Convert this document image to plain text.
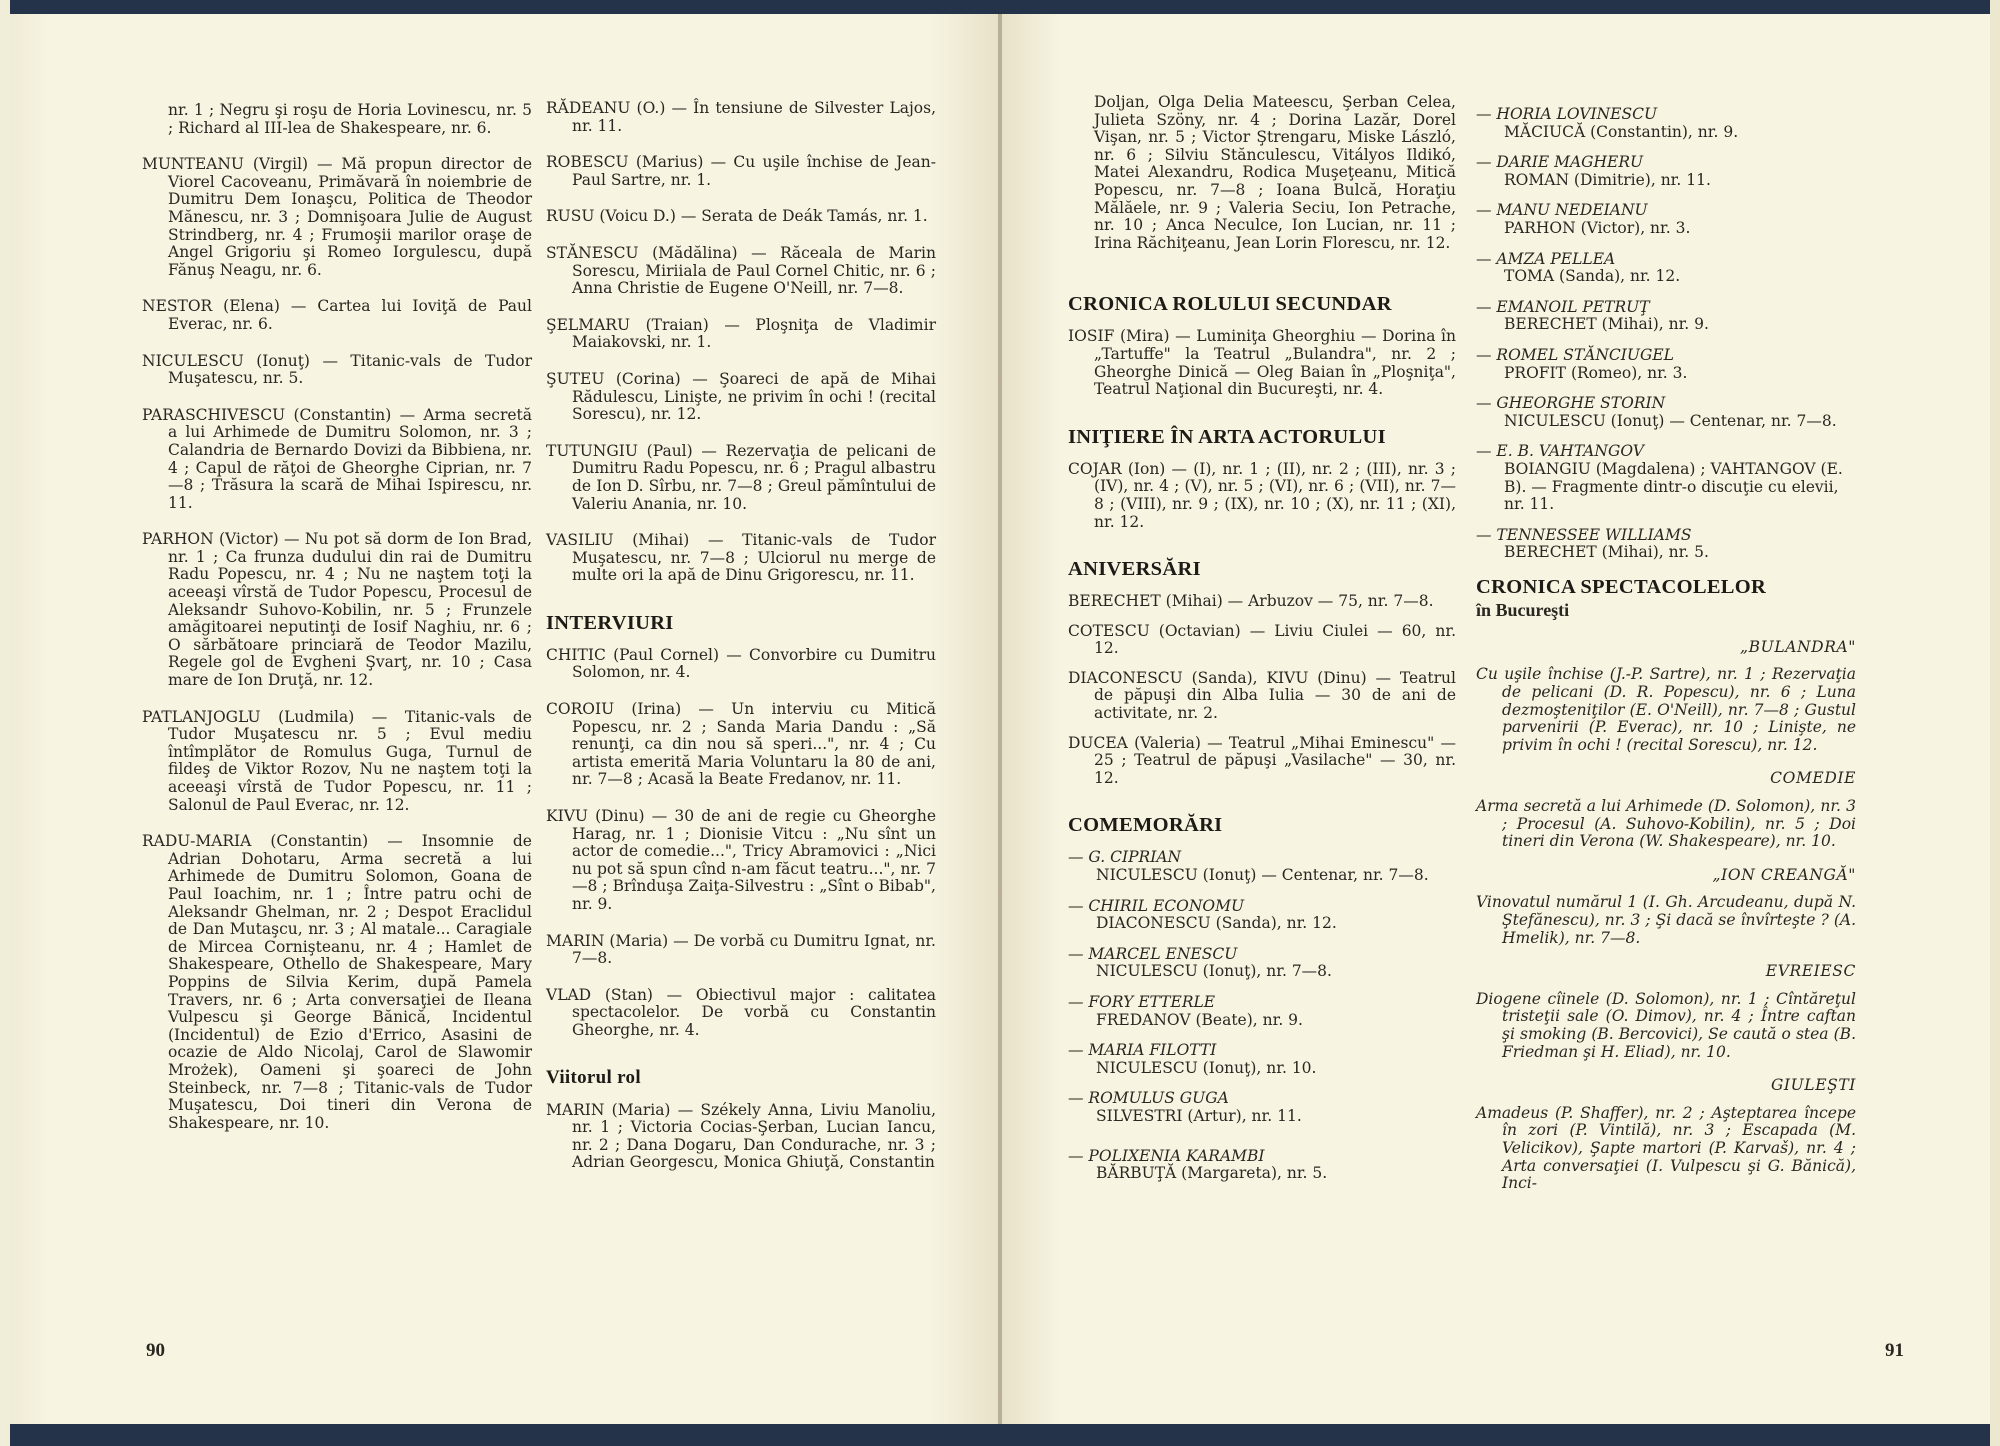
nr. 1 ; Negru şi roşu de Horia Lovinescu, nr. 5 ; Richard al III-lea de Shakespeare, nr. 6.

MUNTEANU (Virgil) — Mă propun director de Viorel Cacoveanu, Primăvară în noiembrie de Dumitru Dem Ionaşcu, Politica de Theodor Mănescu, nr. 3 ; Domnişoara Julie de August Strindberg, nr. 4 ; Frumoşii marilor oraşe de Angel Grigoriu şi Romeo Iorgulescu, după Fănuş Neagu, nr. 6.

NESTOR (Elena) — Cartea lui Ioviţă de Paul Everac, nr. 6.

NICULESCU (Ionuţ) — Titanic-vals de Tudor Muşatescu, nr. 5.

PARASCHIVESCU (Constantin) — Arma secretă a lui Arhimede de Dumitru Solomon, nr. 3 ; Calandria de Bernardo Dovizi da Bibbiena, nr. 4 ; Capul de răţoi de Gheorghe Ciprian, nr. 7—8 ; Trăsura la scară de Mihai Ispirescu, nr. 11.

PARHON (Victor) — Nu pot să dorm de Ion Brad, nr. 1 ; Ca frunza dudului din rai de Dumitru Radu Popescu, nr. 4 ; Nu ne naştem toţi la aceeaşi vîrstă de Tudor Popescu, Procesul de Aleksandr Suhovo-Kobilin, nr. 5 ; Frunzele amăgitoarei neputinţi de Iosif Naghiu, nr. 6 ; O sărbătoare princiară de Teodor Mazilu, Regele gol de Evgheni Şvarţ, nr. 10 ; Casa mare de Ion Druţă, nr. 12.

PATLANJOGLU (Ludmila) — Titanic-vals de Tudor Muşatescu nr. 5 ; Evul mediu întîmplător de Romulus Guga, Turnul de fildeş de Viktor Rozov, Nu ne naştem toţi la aceeaşi vîrstă de Tudor Popescu, nr. 11 ; Salonul de Paul Everac, nr. 12.

RADU-MARIA (Constantin) — Insomnie de Adrian Dohotaru, Arma secretă a lui Arhimede de Dumitru Solomon, Goana de Paul Ioachim, nr. 1 ; Între patru ochi de Aleksandr Ghelman, nr. 2 ; Despot Eraclidul de Dan Mutaşcu, nr. 3 ; Al matale... Caragiale de Mircea Cornişteanu, nr. 4 ; Hamlet de Shakespeare, Othello de Shakespeare, Mary Poppins de Silvia Kerim, după Pamela Travers, nr. 6 ; Arta conversaţiei de Ileana Vulpescu şi George Bănică, Incidentul (Incidentul) de Ezio d'Errico, Asasini de ocazie de Aldo Nicolaj, Carol de Slawomir Mrożek), Oameni şi şoareci de John Steinbeck, nr. 7—8 ; Titanic-vals de Tudor Muşatescu, Doi tineri din Verona de Shakespeare, nr. 10.

RĂDEANU (O.) — În tensiune de Silvester Lajos, nr. 11.

ROBESCU (Marius) — Cu uşile închise de Jean-Paul Sartre, nr. 1.

RUSU (Voicu D.) — Serata de Deák Tamás, nr. 1.

STĂNESCU (Mădălina) — Răceala de Marin Sorescu, Miriiala de Paul Cornel Chitic, nr. 6 ; Anna Christie de Eugene O'Neill, nr. 7—8.

ŞELMARU (Traian) — Ploşniţa de Vladimir Maiakovski, nr. 1.

ŞUTEU (Corina) — Şoareci de apă de Mihai Rădulescu, Linişte, ne privim în ochi ! (recital Sorescu), nr. 12.

TUTUNGIU (Paul) — Rezervaţia de pelicani de Dumitru Radu Popescu, nr. 6 ; Pragul albastru de Ion D. Sîrbu, nr. 7—8 ; Greul pămîntului de Valeriu Anania, nr. 10.

VASILIU (Mihai) — Titanic-vals de Tudor Muşatescu, nr. 7—8 ; Ulciorul nu merge de multe ori la apă de Dinu Grigorescu, nr. 11.

INTERVIURI

CHITIC (Paul Cornel) — Convorbire cu Dumitru Solomon, nr. 4.

COROIU (Irina) — Un interviu cu Mitică Popescu, nr. 2 ; Sanda Maria Dandu : „Să renunţi, ca din nou să speri...", nr. 4 ; Cu artista emerită Maria Voluntaru la 80 de ani, nr. 7—8 ; Acasă la Beate Fredanov, nr. 11.

KIVU (Dinu) — 30 de ani de regie cu Gheorghe Harag, nr. 1 ; Dionisie Vitcu : „Nu sînt un actor de comedie...", Tricy Abramovici : „Nici nu pot să spun cînd n-am făcut teatru...", nr. 7—8 ; Brînduşa Zaiţa-Silvestru : „Sînt o Bibab", nr. 9.

MARIN (Maria) — De vorbă cu Dumitru Ignat, nr. 7—8.

VLAD (Stan) — Obiectivul major : calitatea spectacolelor. De vorbă cu Constantin Gheorghe, nr. 4.

Viitorul rol

MARIN (Maria) — Székely Anna, Liviu Manoliu, nr. 1 ; Victoria Cocias-Şerban, Lucian Iancu, nr. 2 ; Dana Dogaru, Dan Condurache, nr. 3 ; Adrian Georgescu, Monica Ghiuţă, Constantin

90

Doljan, Olga Delia Mateescu, Şerban Celea, Julieta Szöny, nr. 4 ; Dorina Lazăr, Dorel Vişan, nr. 5 ; Victor Ştrengaru, Miske László, nr. 6 ; Silviu Stănculescu, Vitályos Ildikó, Matei Alexandru, Rodica Muşeţeanu, Mitică Popescu, nr. 7—8 ; Ioana Bulcă, Horaţiu Mălăele, nr. 9 ; Valeria Seciu, Ion Petrache, nr. 10 ; Anca Neculce, Ion Lucian, nr. 11 ; Irina Răchiţeanu, Jean Lorin Florescu, nr. 12.

CRONICA ROLULUI SECUNDAR

IOSIF (Mira) — Luminiţa Gheorghiu — Dorina în „Tartuffe" la Teatrul „Bulandra", nr. 2 ; Gheorghe Dinică — Oleg Baian în „Ploşniţa", Teatrul Naţional din Bucureşti, nr. 4.

INIŢIERE ÎN ARTA ACTORULUI

COJAR (Ion) — (I), nr. 1 ; (II), nr. 2 ; (III), nr. 3 ; (IV), nr. 4 ; (V), nr. 5 ; (VI), nr. 6 ; (VII), nr. 7—8 ; (VIII), nr. 9 ; (IX), nr. 10 ; (X), nr. 11 ; (XI), nr. 12.

ANIVERSĂRI

BERECHET (Mihai) — Arbuzov — 75, nr. 7—8.

COTESCU (Octavian) — Liviu Ciulei — 60, nr. 12.

DIACONESCU (Sanda), KIVU (Dinu) — Teatrul de păpuşi din Alba Iulia — 30 de ani de activitate, nr. 2.

DUCEA (Valeria) — Teatrul „Mihai Eminescu" — 25 ; Teatrul de păpuşi „Vasilache" — 30, nr. 12.

COMEMORĂRI
— G. CIPRIAN
NICULESCU (Ionuţ) — Centenar, nr. 7—8.
— CHIRIL ECONOMU
DIACONESCU (Sanda), nr. 12.
— MARCEL ENESCU
NICULESCU (Ionuţ), nr. 7—8.
— FORY ETTERLE
FREDANOV (Beate), nr. 9.
— MARIA FILOTTI
NICULESCU (Ionuţ), nr. 10.
— ROMULUS GUGA
SILVESTRI (Artur), nr. 11.
— POLIXENIA KARAMBI
BĂRBUŢĂ (Margareta), nr. 5.
— HORIA LOVINESCU
MĂCIUCĂ (Constantin), nr. 9.
— DARIE MAGHERU
ROMAN (Dimitrie), nr. 11.
— MANU NEDEIANU
PARHON (Victor), nr. 3.
— AMZA PELLEA
TOMA (Sanda), nr. 12.
— EMANOIL PETRUŢ
BERECHET (Mihai), nr. 9.
— ROMEL STĂNCIUGEL
PROFIT (Romeo), nr. 3.
— GHEORGHE STORIN
NICULESCU (Ionuţ) — Centenar, nr. 7—8.
— E. B. VAHTANGOV
BOIANGIU (Magdalena) ; VAHTANGOV (E. B). — Fragmente dintr-o discuţie cu elevii, nr. 11.
— TENNESSEE WILLIAMS
BERECHET (Mihai), nr. 5.
CRONICA SPECTACOLELOR
în Bucureşti
„BULANDRA"

Cu uşile închise (J.-P. Sartre), nr. 1 ; Rezervaţia de pelicani (D. R. Popescu), nr. 6 ; Luna dezmoşteniţilor (E. O'Neill), nr. 7—8 ; Gustul parvenirii (P. Everac), nr. 10 ; Linişte, ne privim în ochi ! (recital Sorescu), nr. 12.

COMEDIE

Arma secretă a lui Arhimede (D. Solomon), nr. 3 ; Procesul (A. Suhovo-Kobilin), nr. 5 ; Doi tineri din Verona (W. Shakespeare), nr. 10.

„ION CREANGĂ"

Vinovatul numărul 1 (I. Gh. Arcudeanu, după N. Ştefănescu), nr. 3 ; Şi dacă se învîrteşte ? (A. Hmelik), nr. 7—8.

EVREIESC

Diogene cîinele (D. Solomon), nr. 1 ; Cîntăreţul tristeţii sale (O. Dimov), nr. 4 ; Între caftan şi smoking (B. Bercovici), Se caută o stea (B. Friedman şi H. Eliad), nr. 10.

GIULEŞTI

Amadeus (P. Shaffer), nr. 2 ; Aşteptarea începe în zori (P. Vintilă), nr. 3 ; Escapada (M. Velicikov), Şapte martori (P. Karvaš), nr. 4 ; Arta conversaţiei (I. Vulpescu şi G. Bănică), Inci-

91
